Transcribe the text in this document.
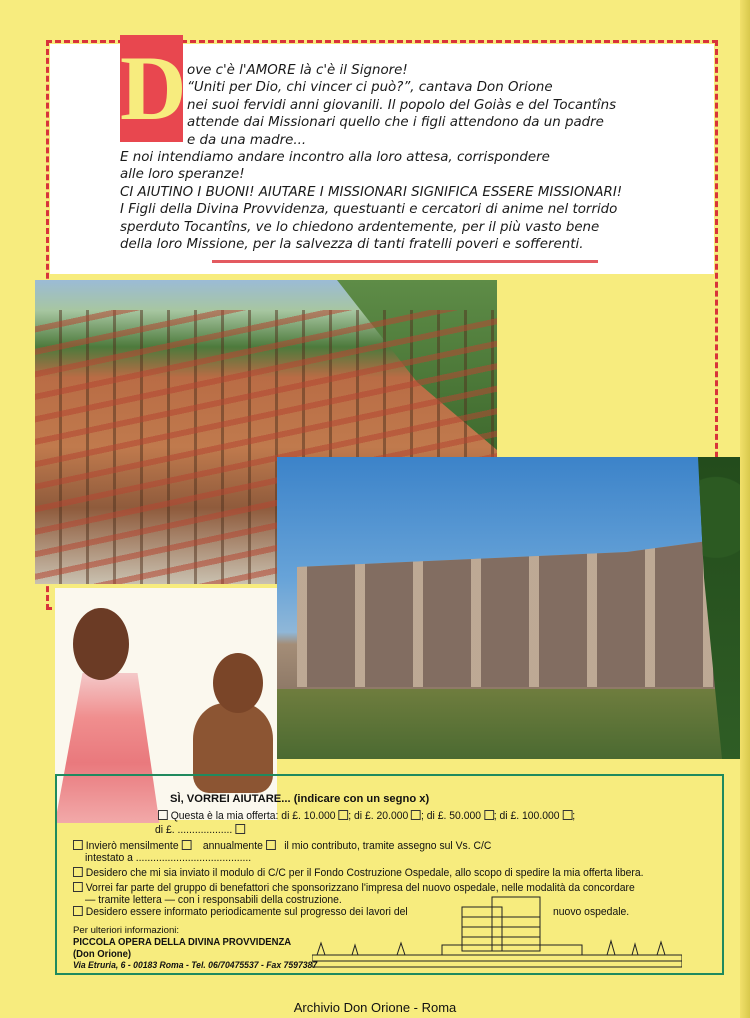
D ove c'è l'AMORE là c'è il Signore!
“Uniti per Dio, chi vincer ci può?”, cantava Don Orione
nei suoi fervidi anni giovanili. Il popolo del Goiàs e del Tocantîns
attende dai Missionari quello che i figli attendono da un padre
e da una madre...
E noi intendiamo andare incontro alla loro attesa, corrispondere
alle loro speranze!
CI AIUTINO I BUONI! AIUTARE I MISSIONARI SIGNIFICA ESSERE MISSIONARI!
I Figli della Divina Provvidenza, questuanti e cercatori di anime nel torrido
sperduto Tocantîns, ve lo chiedono ardentemente, per il più vasto bene
della loro Missione, per la salvezza di tanti fratelli poveri e sofferenti.
SÌ, VORREI AIUTARE... (indicare con un segno x)
Questa è la mia offerta: di £. 10.000 ; di £. 20.000 ; di £. 50.000 ; di £. 100.000 ;
di £. ...................
Invierò mensilmente annualmente il mio contributo, tramite assegno sul Vs. C/C
intestato a ........................................
Desidero che mi sia inviato il modulo di C/C per il Fondo Costruzione Ospedale, allo scopo di spedire la mia offerta libera.
Vorrei far parte del gruppo di benefattori che sponsorizzano l'impresa del nuovo ospedale, nelle modalità da concordare
— tramite lettera — con i responsabili della costruzione.
Desidero essere informato periodicamente sul progresso dei lavori del	nuovo ospedale.
Per ulteriori informazioni:
PICCOLA OPERA DELLA DIVINA PROVVIDENZA
(Don Orione)
Via Etruria, 6 - 00183 Roma - Tel. 06/70475537 - Fax 7597387
Archivio Don Orione - Roma
